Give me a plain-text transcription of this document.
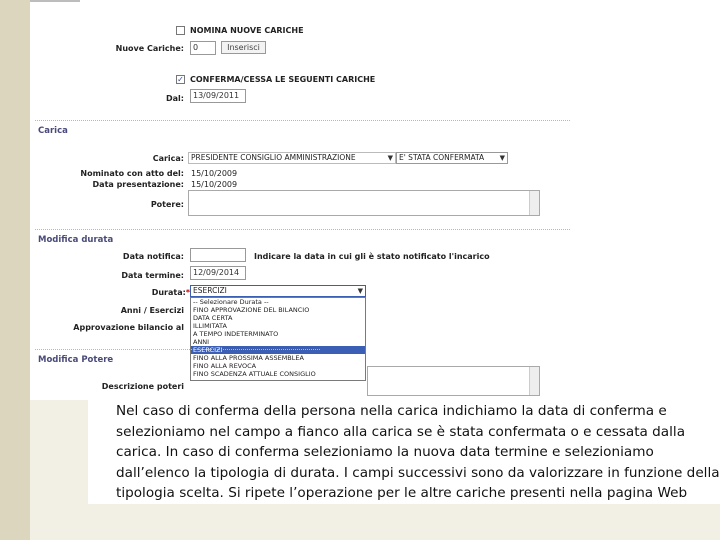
NOMINA NUOVE CARICHE
Nuove Cariche:	0	Inserisci
✓ CONFERMA/CESSA LE SEGUENTI CARICHE
Dal:	13/09/2011
Carica
Carica: PRESIDENTE CONSIGLIO AMMINISTRAZIONE	▼ E' STATA CONFERMATA ▼
Nominato con atto del: 15/10/2009
Data presentazione: 15/10/2009
Potere:
Modifica durata
Data notifica:	Indicare la data in cui gli è stato notificato l'incarico
Data termine:	12/09/2014
Durata:* ESERCIZI	▼
Anni / Esercizi
Approvazione bilancio al
-- Selezionare Durata --
FINO APPROVAZIONE DEL BILANCIO
DATA CERTA
ILLIMITATA
A TEMPO INDETERMINATO
ANNI
ESERCIZI
FINO ALLA PROSSIMA ASSEMBLEA
FINO ALLA REVOCA
FINO SCADENZA ATTUALE CONSIGLIO
Modifica Potere
Descrizione poteri
Nel caso di conferma della persona nella carica indichiamo la data di conferma e selezioniamo nel campo a fianco alla carica se è stata confermata o e cessata dalla carica. In caso di conferma selezioniamo la nuova data termine e selezioniamo dall’elenco la tipologia di durata. I campi successivi sono da valorizzare in funzione della tipologia scelta. Si ripete l’operazione per le altre cariche presenti nella pagina Web
